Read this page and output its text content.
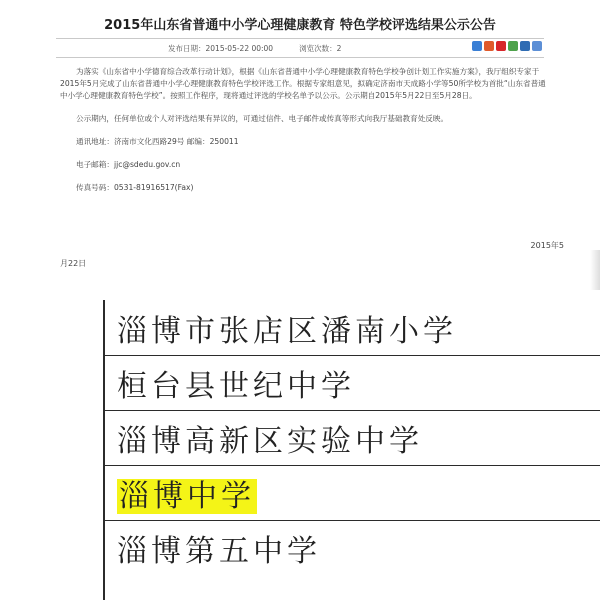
2015年山东省普通中小学心理健康教育 特色学校评选结果公示公告
发布日期：2015-05-22 00:00	浏览次数：2

为落实《山东省中小学德育综合改革行动计划》，根据《山东省普通中小学心理健康教育特色学校争创计划工作实施方案》，我厅组织专家于2015年5月完成了山东省普通中小学心理健康教育特色学校评选工作。根据专家组意见，拟确定济南市天成路小学等50所学校为首批“山东省普通中小学心理健康教育特色学校”。按照工作程序，现将通过评选的学校名单予以公示。公示期自2015年5月22日至5月28日。

公示期内，任何单位或个人对评选结果有异议的，可通过信件、电子邮件或传真等形式向我厅基础教育处反映。

通讯地址：济南市文化西路29号 邮编：250011

电子邮箱：jjc@sdedu.gov.cn

传真号码：0531-81916517(Fax)

2015年5
月22日
淄博市张店区潘南小学
桓台县世纪中学
淄博高新区实验中学
淄博中学
淄博第五中学
